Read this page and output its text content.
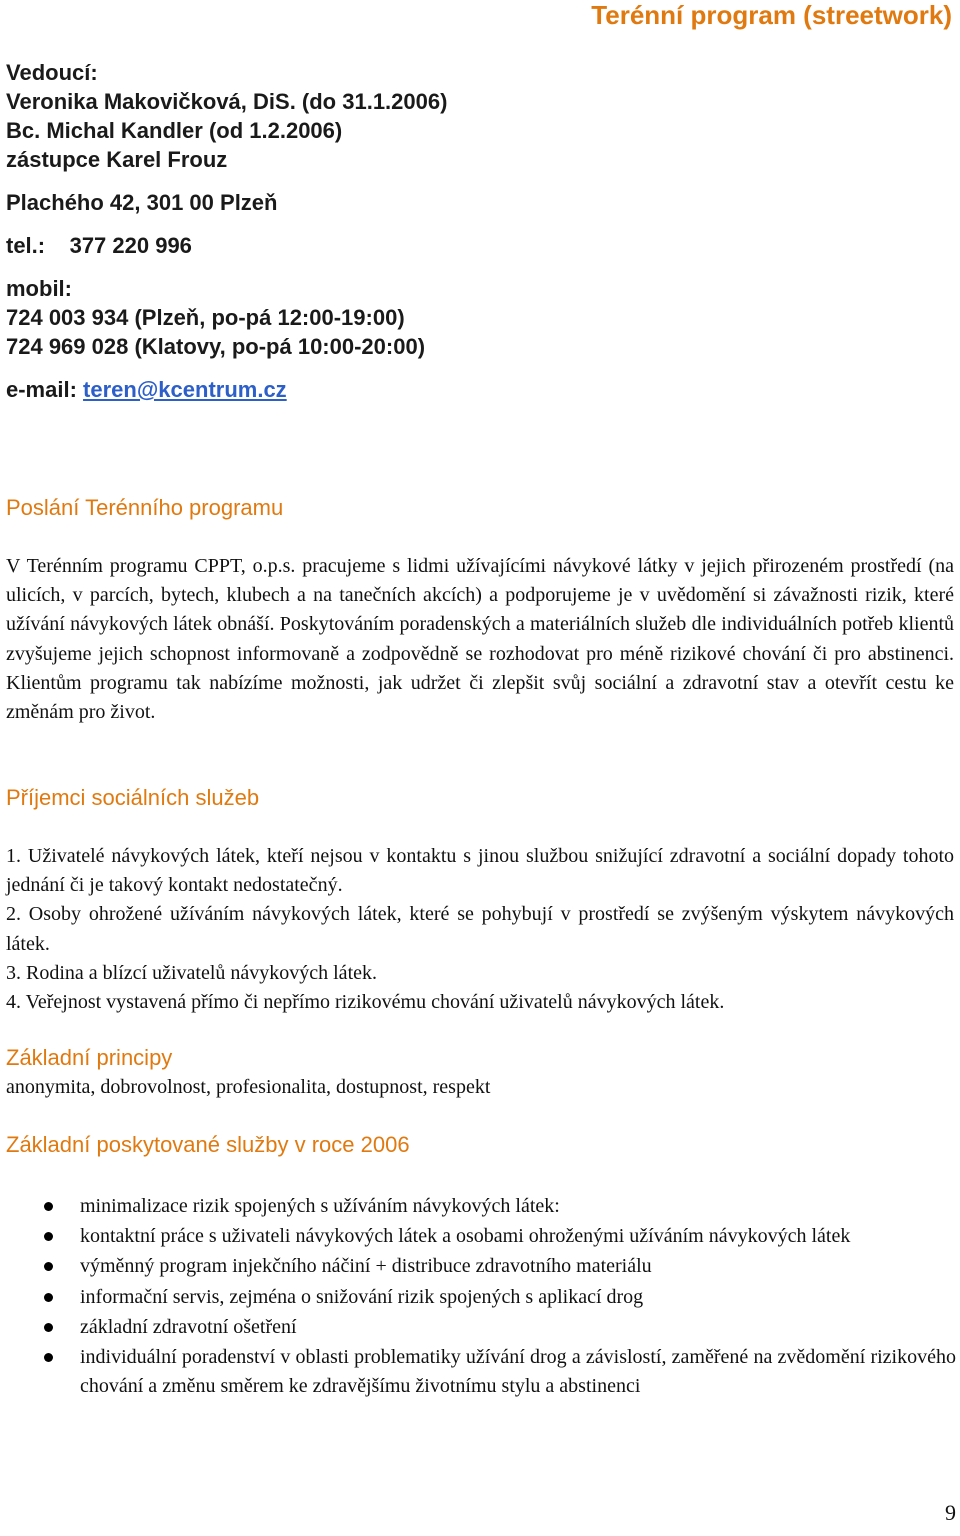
Terénní program (streetwork)
Vedoucí:
Veronika Makovičková, DiS. (do 31.1.2006)
Bc. Michal Kandler (od 1.2.2006)
zástupce Karel Frouz
Plachého 42, 301 00 Plzeň
tel.: 377 220 996
mobil:
724 003 934 (Plzeň, po-pá 12:00-19:00)
724 969 028 (Klatovy, po-pá 10:00-20:00)
e-mail: teren@kcentrum.cz
Poslání Terénního programu
V Terénním programu CPPT, o.p.s. pracujeme s lidmi užívajícími návykové látky v jejich přirozeném prostředí (na ulicích, v parcích, bytech, klubech a na tanečních akcích) a podporujeme je v uvědomění si závažnosti rizik, které užívání návykových látek obnáší. Poskytováním poradenských a materiálních služeb dle individuálních potřeb klientů zvyšujeme jejich schopnost informovaně a zodpovědně se rozhodovat pro méně rizikové chování či pro abstinenci. Klientům programu tak nabízíme možnosti, jak udržet či zlepšit svůj sociální a zdravotní stav a otevřít cestu ke změnám pro život.
Příjemci sociálních služeb

1. Uživatelé návykových látek, kteří nejsou v kontaktu s jinou službou snižující zdravotní a sociální dopady tohoto jednání či je takový kontakt nedostatečný.

2. Osoby ohrožené užíváním návykových látek, které se pohybují v prostředí se zvýšeným výskytem návykových látek.

3. Rodina a blízcí uživatelů návykových látek.

4. Veřejnost vystavená přímo či nepřímo rizikovému chování uživatelů návykových látek.

Základní principy
anonymita, dobrovolnost, profesionalita, dostupnost, respekt
Základní poskytované služby v roce 2006
minimalizace rizik spojených s užíváním návykových látek:
kontaktní práce s uživateli návykových látek a osobami ohroženými užíváním návykových látek
výměnný program injekčního náčiní + distribuce zdravotního materiálu
informační servis, zejména o snižování rizik spojených s aplikací drog
základní zdravotní ošetření
individuální poradenství v oblasti problematiky užívání drog a závislostí, zaměřené na zvědomění rizikového chování a změnu směrem ke zdravějšímu životnímu stylu a abstinenci
9
